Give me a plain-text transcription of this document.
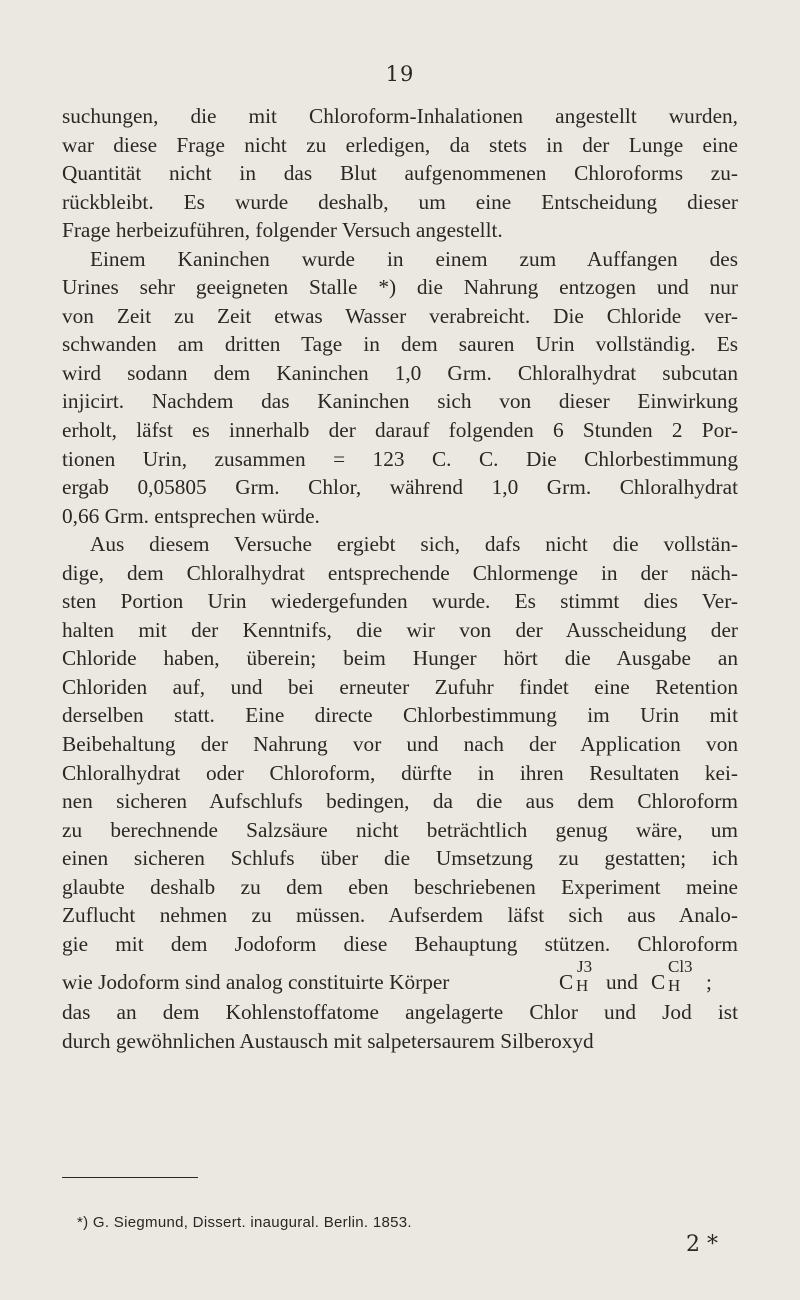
19
suchungen, die mit Chloroform-Inhalationen angestellt wurden,
war diese Frage nicht zu erledigen, da stets in der Lunge eine
Quantität nicht in das Blut aufgenommenen Chloroforms zu-
rückbleibt. Es wurde deshalb, um eine Entscheidung dieser
Frage herbeizuführen, folgender Versuch angestellt.
Einem Kaninchen wurde in einem zum Auffangen des
Urines sehr geeigneten Stalle *) die Nahrung entzogen und nur
von Zeit zu Zeit etwas Wasser verabreicht. Die Chloride ver-
schwanden am dritten Tage in dem sauren Urin vollständig. Es
wird sodann dem Kaninchen 1,0 Grm. Chloralhydrat subcutan
injicirt. Nachdem das Kaninchen sich von dieser Einwirkung
erholt, läfst es innerhalb der darauf folgenden 6 Stunden 2 Por-
tionen Urin, zusammen = 123 C. C. Die Chlorbestimmung
ergab 0,05805 Grm. Chlor, während 1,0 Grm. Chloralhydrat
0,66 Grm. entsprechen würde.
Aus diesem Versuche ergiebt sich, dafs nicht die vollstän-
dige, dem Chloralhydrat entsprechende Chlormenge in der näch-
sten Portion Urin wiedergefunden wurde. Es stimmt dies Ver-
halten mit der Kenntnifs, die wir von der Ausscheidung der
Chloride haben, überein; beim Hunger hört die Ausgabe an
Chloriden auf, und bei erneuter Zufuhr findet eine Retention
derselben statt. Eine directe Chlorbestimmung im Urin mit
Beibehaltung der Nahrung vor und nach der Application von
Chloralhydrat oder Chloroform, dürfte in ihren Resultaten kei-
nen sicheren Aufschlufs bedingen, da die aus dem Chloroform
zu berechnende Salzsäure nicht beträchtlich genug wäre, um
einen sicheren Schlufs über die Umsetzung zu gestatten; ich
glaubte deshalb zu dem eben beschriebenen Experiment meine
Zuflucht nehmen zu müssen. Aufserdem läfst sich aus Analo-
gie mit dem Jodoform diese Behauptung stützen. Chloroform
wie Jodoform sind analog constituirte Körper	C
J3
H und C
Cl3
H ;
das an dem Kohlenstoffatome angelagerte Chlor und Jod ist
durch gewöhnlichen Austausch mit salpetersaurem Silberoxyd
*) G. Siegmund, Dissert. inaugural. Berlin. 1853.
2 *
